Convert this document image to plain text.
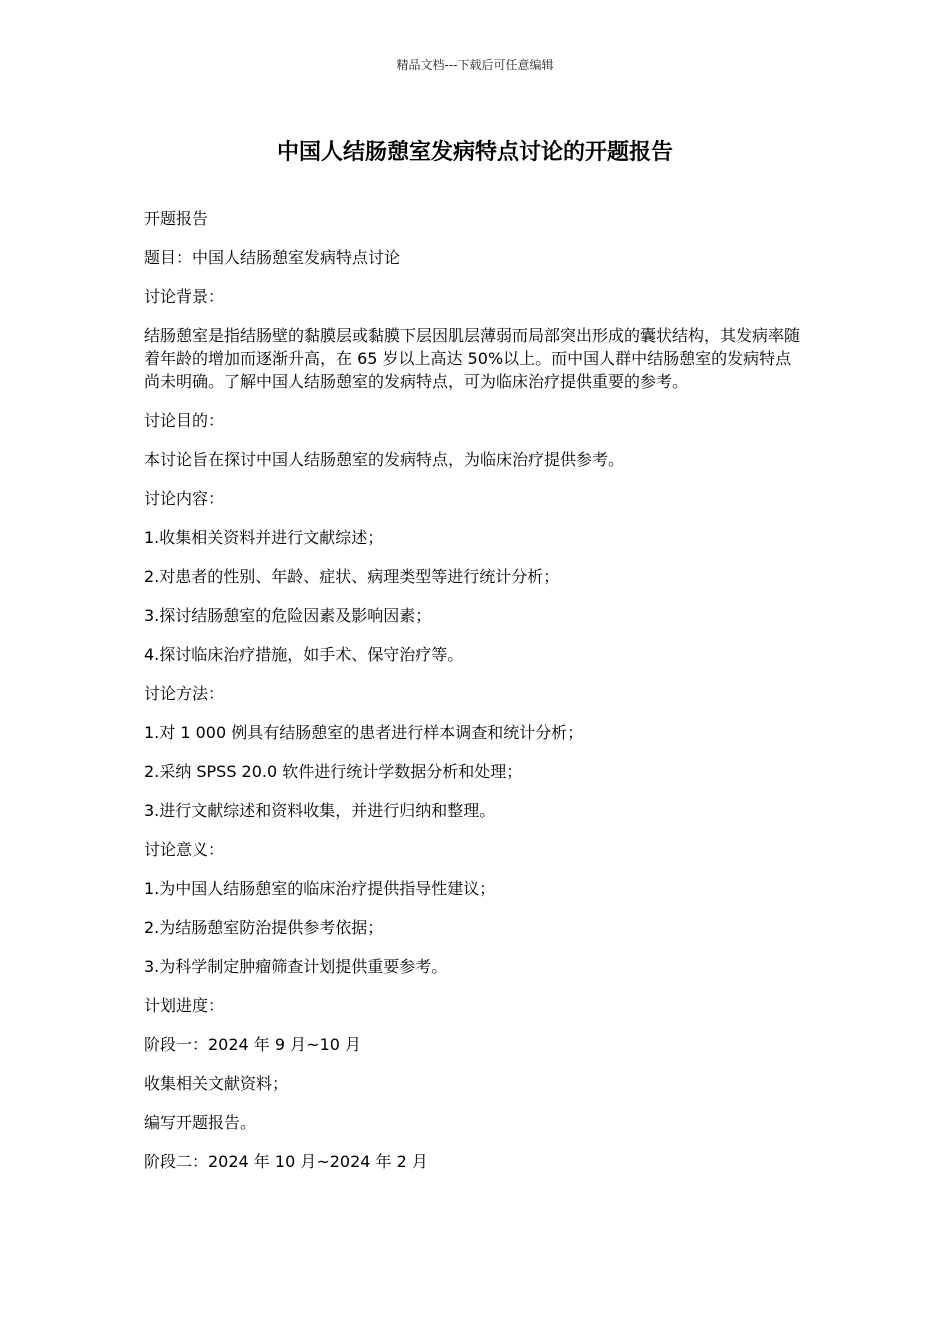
精品文档---下载后可任意编辑
中国人结肠憩室发病特点讨论的开题报告

开题报告

题目：中国人结肠憩室发病特点讨论

讨论背景：

结肠憩室是指结肠壁的黏膜层或黏膜下层因肌层薄弱而局部突出形成的囊状结构，其发病率随着年龄的增加而逐渐升高，在 65 岁以上高达 50%以上。而中国人群中结肠憩室的发病特点尚未明确。了解中国人结肠憩室的发病特点，可为临床治疗提供重要的参考。

讨论目的：

本讨论旨在探讨中国人结肠憩室的发病特点，为临床治疗提供参考。

讨论内容：

1.收集相关资料并进行文献综述；

2.对患者的性别、年龄、症状、病理类型等进行统计分析；

3.探讨结肠憩室的危险因素及影响因素；

4.探讨临床治疗措施，如手术、保守治疗等。

讨论方法：

1.对 1 000 例具有结肠憩室的患者进行样本调查和统计分析；

2.采纳 SPSS 20.0 软件进行统计学数据分析和处理；

3.进行文献综述和资料收集，并进行归纳和整理。

讨论意义：

1.为中国人结肠憩室的临床治疗提供指导性建议；

2.为结肠憩室防治提供参考依据；

3.为科学制定肿瘤筛查计划提供重要参考。

计划进度：

阶段一：2024 年 9 月~10 月

收集相关文献资料；

编写开题报告。

阶段二：2024 年 10 月~2024 年 2 月
